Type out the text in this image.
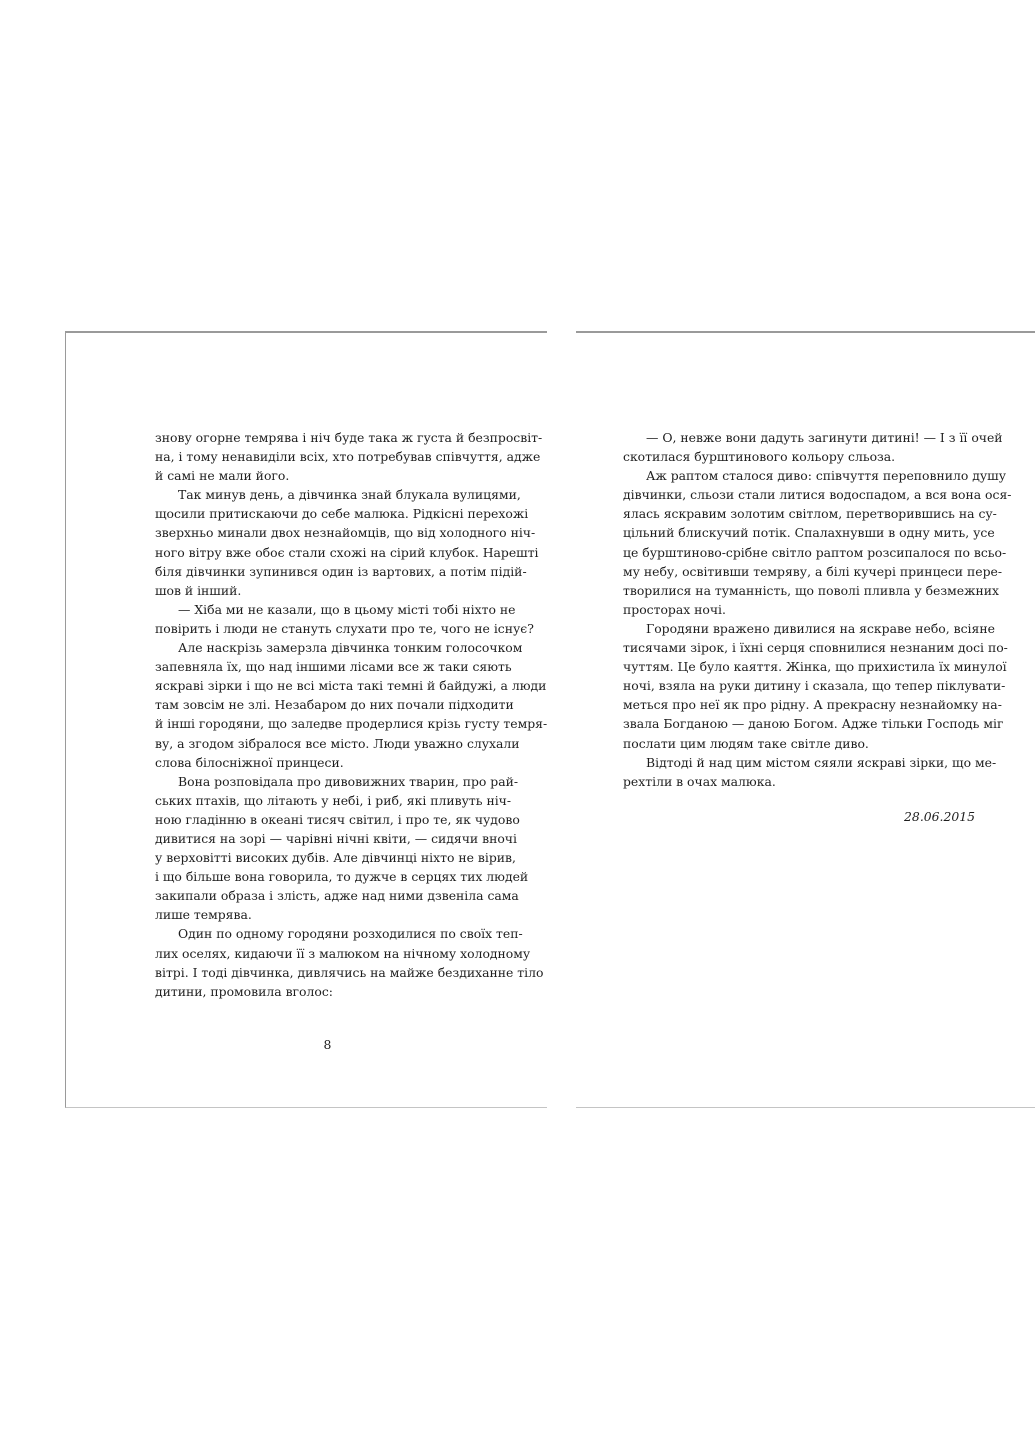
знову огорне темрява і ніч буде така ж густа й безпросвіт-
на, і тому ненавиділи всіх, хто потребував співчуття, адже
й самі не мали його.
Так минув день, а дівчинка знай блукала вулицями,
щосили притискаючи до себе малюка. Рідкісні перехожі
зверхньо минали двох незнайомців, що від холодного ніч-
ного вітру вже обоє стали схожі на сірий клубок. Нарешті
біля дівчинки зупинився один із вартових, а потім підій-
шов й інший.
— Хіба ми не казали, що в цьому місті тобі ніхто не
повірить і люди не стануть слухати про те, чого не існує?
Але наскрізь замерзла дівчинка тонким голосочком
запевняла їх, що над іншими лісами все ж таки сяють
яскраві зірки і що не всі міста такі темні й байдужі, а люди
там зовсім не злі. Незабаром до них почали підходити
й інші городяни, що заледве продерлися крізь густу темря-
ву, а згодом зібралося все місто. Люди уважно слухали
слова білосніжної принцеси.
Вона розповідала про дивовижних тварин, про рай-
ських птахів, що літають у небі, і риб, які пливуть ніч-
ною гладінню в океані тисяч світил, і про те, як чудово
дивитися на зорі — чарівні нічні квіти, — сидячи вночі
у верховітті високих дубів. Але дівчинці ніхто не вірив,
і що більше вона говорила, то дужче в серцях тих людей
закипали образа і злість, адже над ними дзвеніла сама
лише темрява.
Один по одному городяни розходилися по своїх теп-
лих оселях, кидаючи її з малюком на нічному холодному
вітрі. І тоді дівчинка, дивлячись на майже бездиханне тіло
дитини, промовила вголос:
8
— О, невже вони дадуть загинути дитині! — І з її очей
скотилася бурштинового кольору сльоза.
Аж раптом сталося диво: співчуття переповнило душу
дівчинки, сльози стали литися водоспадом, а вся вона ося-
ялась яскравим золотим світлом, перетворившись на су-
цільний блискучий потік. Спалахнувши в одну мить, усе
це бурштиново-срібне світло раптом розсипалося по всьо-
му небу, освітивши темряву, а білі кучері принцеси пере-
творилися на туманність, що поволі пливла у безмежних
просторах ночі.
Городяни вражено дивилися на яскраве небо, всіяне
тисячами зірок, і їхні серця сповнилися незнаним досі по-
чуттям. Це було каяття. Жінка, що прихистила їх минулої
ночі, взяла на руки дитину і сказала, що тепер піклувати-
меться про неї як про рідну. А прекрасну незнайомку на-
звала Богданою — даною Богом. Адже тільки Господь міг
послати цим людям таке світле диво.
Відтоді й над цим містом сяяли яскраві зірки, що ме-
рехтіли в очах малюка.
28.06.2015
